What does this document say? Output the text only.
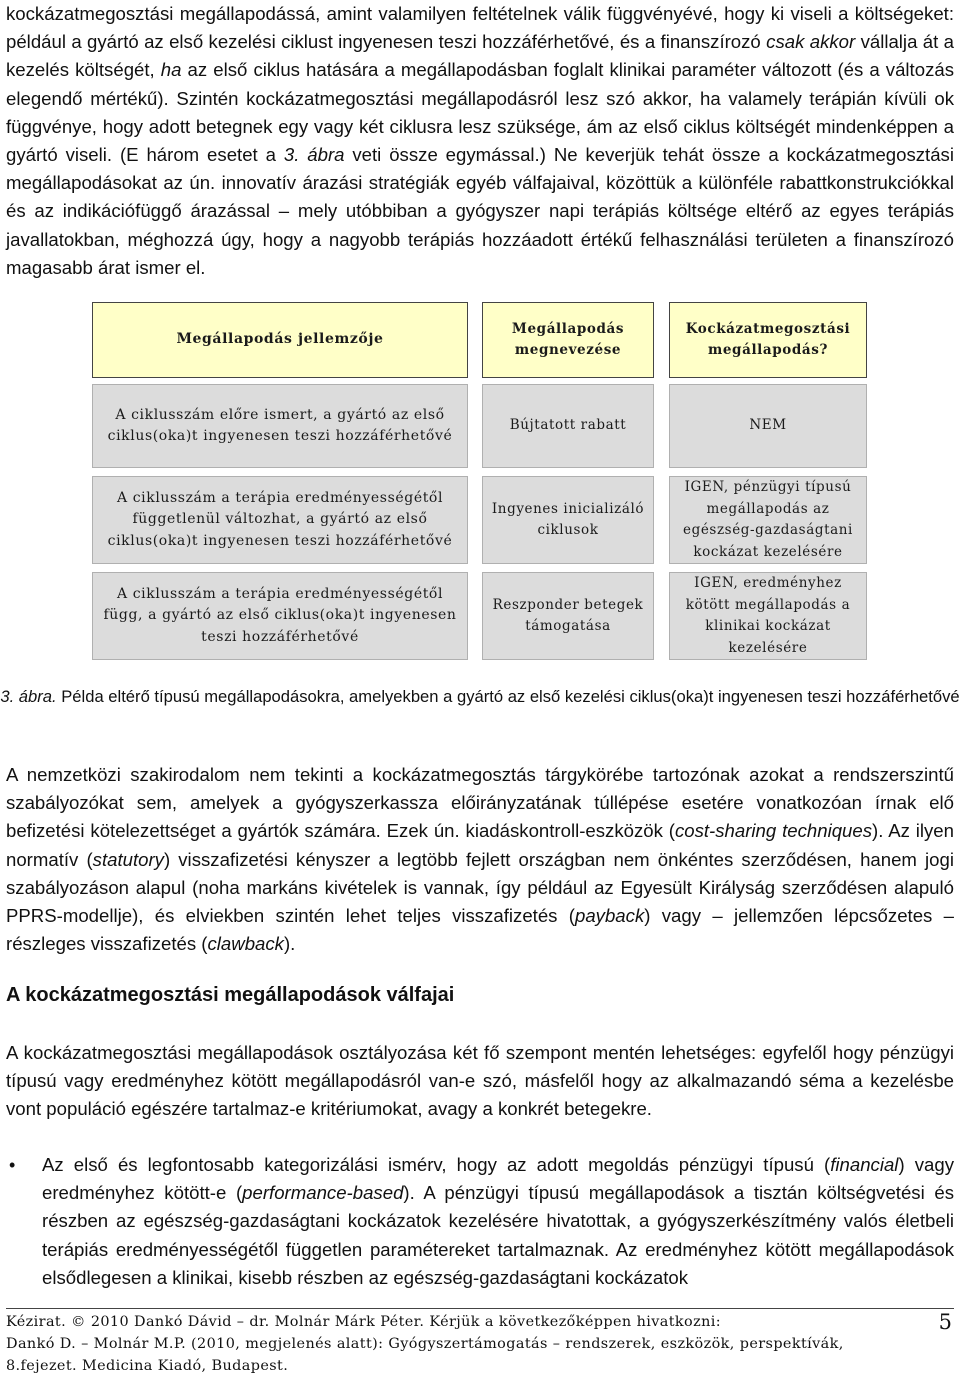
kockázatmegosztási megállapodássá, amint valamilyen feltételnek válik függvényévé, hogy ki viseli a költségeket: például a gyártó az első kezelési ciklust ingyenesen teszi hozzáférhetővé, és a finanszírozó csak akkor vállalja át a kezelés költségét, ha az első ciklus hatására a megállapodásban foglalt klinikai paraméter változott (és a változás elegendő mértékű). Szintén kockázatmegosztási megállapodásról lesz szó akkor, ha valamely terápián kívüli ok függvénye, hogy adott betegnek egy vagy két ciklusra lesz szüksége, ám az első ciklus költségét mindenképpen a gyártó viseli. (E három esetet a 3. ábra veti össze egymással.) Ne keverjük tehát össze a kockázatmegosztási megállapodásokat az ún. innovatív árazási stratégiák egyéb válfajaival, közöttük a különféle rabattkonstrukciókkal és az indikációfüggő árazással – mely utóbbiban a gyógyszer napi terápiás költsége eltérő az egyes terápiás javallatokban, méghozzá úgy, hogy a nagyobb terápiás hozzáadott értékű felhasználási területen a finanszírozó magasabb árat ismer el.

Megállapodás jellemzője
Megállapodás megnevezése
Kockázatmegosztási megállapodás?
A ciklusszám előre ismert, a gyártó az első ciklus(oka)t ingyenesen teszi hozzáférhetővé
Bújtatott rabatt	NEM
A ciklusszám a terápia eredményességétől függetlenül változhat, a gyártó az első ciklus(oka)t ingyenesen teszi hozzáférhetővé
Ingyenes inicializáló ciklusok
IGEN, pénzügyi típusú megállapodás az egészség-gazdaságtani kockázat kezelésére
A ciklusszám a terápia eredményességétől függ, a gyártó az első ciklus(oka)t ingyenesen teszi hozzáférhetővé
Reszponder betegek támogatása
IGEN, eredményhez kötött megállapodás a klinikai kockázat kezelésére

3. ábra. Példa eltérő típusú megállapodásokra, amelyekben a gyártó az első kezelési ciklus(oka)t ingyenesen teszi hozzáférhetővé

A nemzetközi szakirodalom nem tekinti a kockázatmegosztás tárgykörébe tartozónak azokat a rendszerszintű szabályozókat sem, amelyek a gyógyszerkassza előirányzatának túllépése esetére vonatkozóan írnak elő befizetési kötelezettséget a gyártók számára. Ezek ún. kiadáskontroll-eszközök (cost-sharing techniques). Az ilyen normatív (statutory) visszafizetési kényszer a legtöbb fejlett országban nem önkéntes szerződésen, hanem jogi szabályozáson alapul (noha markáns kivételek is vannak, így például az Egyesült Királyság szerződésen alapuló PPRS-modellje), és elviekben szintén lehet teljes visszafizetés (payback) vagy – jellemzően lépcsőzetes – részleges visszafizetés (clawback).

A kockázatmegosztási megállapodások válfajai

A kockázatmegosztási megállapodások osztályozása két fő szempont mentén lehetséges: egyfelől hogy pénzügyi típusú vagy eredményhez kötött megállapodásról van-e szó, másfelől hogy az alkalmazandó séma a kezelésbe vont populáció egészére tartalmaz-e kritériumokat, avagy a konkrét betegekre.

• Az első és legfontosabb kategorizálási ismérv, hogy az adott megoldás pénzügyi típusú (financial) vagy eredményhez kötött-e (performance-based). A pénzügyi típusú megállapodások a tisztán költségvetési és részben az egészség-gazdaságtani kockázatok kezelésére hivatottak, a gyógyszerkészítmény valós életbeli terápiás eredményességétől független paramétereket tartalmaznak. Az eredményhez kötött megállapodások elsődlegesen a klinikai, kisebb részben az egészség-gazdaságtani kockázatok

Kézirat. © 2010 Dankó Dávid – dr. Molnár Márk Péter. Kérjük a következőképpen hivatkozni:
Dankó D. – Molnár M.P. (2010, megjelenés alatt): Gyógyszertámogatás – rendszerek, eszközök, perspektívák,
8.fejezet. Medicina Kiadó, Budapest.
5
